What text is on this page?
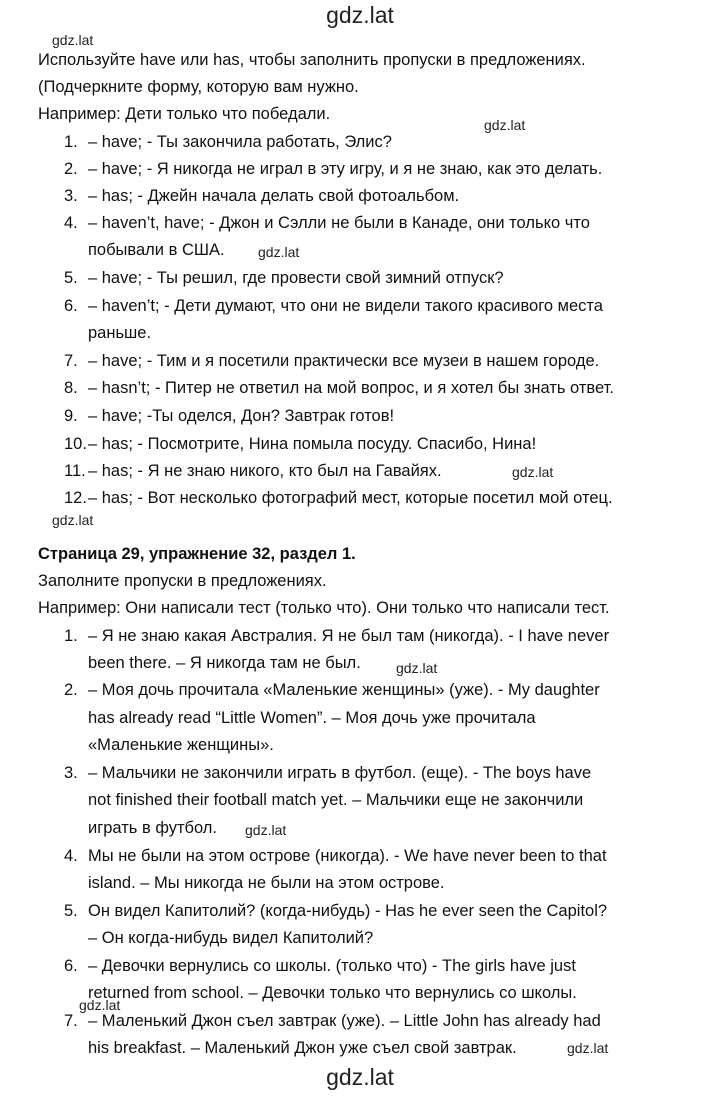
gdz.lat
gdz.lat
gdz.lat
gdz.lat
gdz.lat
gdz.lat
gdz.lat
gdz.lat
gdz.lat
gdz.lat
Используйте have или has, чтобы заполнить пропуски в предложениях.
(Подчеркните форму, которую вам нужно.
Например: Дети только что победали.
1. – have; - Ты закончила работать, Элис?
2. – have; - Я никогда не играл в эту игру, и я не знаю, как это делать.
3. – has; - Джейн начала делать свой фотоальбом.
4. – haven’t, have; - Джон и Сэлли не были в Канаде, они только что
побывали в США.
5. – have; - Ты решил, где провести свой зимний отпуск?
6. – haven’t; - Дети думают, что они не видели такого красивого места
раньше.
7. – have; - Тим и я посетили практически все музеи в нашем городе.
8. – hasn’t; - Питер не ответил на мой вопрос, и я хотел бы знать ответ.
9. – have; -Ты оделся, Дон? Завтрак готов!
10. – has; - Посмотрите, Нина помыла посуду. Спасибо, Нина!
11. – has; - Я не знаю никого, кто был на Гавайях.
12. – has; - Вот несколько фотографий мест, которые посетил мой отец.
Страница 29, упражнение 32, раздел 1.
Заполните пропуски в предложениях.
Например: Они написали тест (только что). Они только что написали тест.
1. – Я не знаю какая Австралия. Я не был там (никогда). - I have never
been there. – Я никогда там не был.
2. – Моя дочь прочитала «Маленькие женщины» (уже). - My daughter
has already read “Little Women”. – Моя дочь уже прочитала
«Маленькие женщины».
3. – Мальчики не закончили играть в футбол. (еще). - The boys have
not finished their football match yet. – Мальчики еще не закончили
играть в футбол.
4. Мы не были на этом острове (никогда). - We have never been to that
island. – Мы никогда не были на этом острове.
5. Он видел Капитолий? (когда-нибудь) - Has he ever seen the Capitol?
– Он когда-нибудь видел Капитолий?
6. – Девочки вернулись со школы. (только что) - The girls have just
returned from school. – Девочки только что вернулись со школы.
7. – Маленький Джон съел завтрак (уже). – Little John has already had
his breakfast. – Маленький Джон уже съел свой завтрак.
gdz.lat
